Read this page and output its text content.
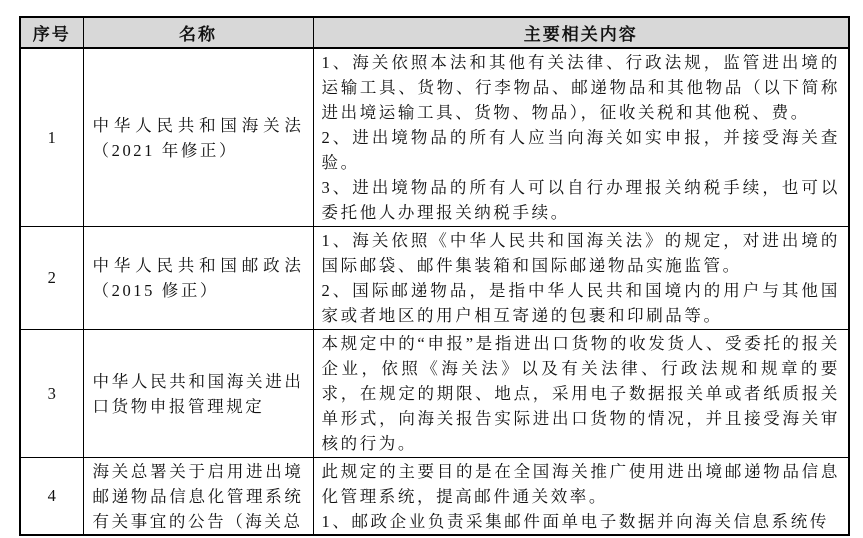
序号	名称	主要相关内容
1	中华人民共和国海关法（2021 年修正）	1、海关依照本法和其他有关法律、行政法规，监管进出境的运输工具、货物、行李物品、邮递物品和其他物品（以下简称进出境运输工具、货物、物品），征收关税和其他税、费。

2、进出境物品的所有人应当向海关如实申报，并接受海关查验。

3、进出境物品的所有人可以自行办理报关纳税手续，也可以委托他人办理报关纳税手续。

2	中华人民共和国邮政法（2015 修正）	1、海关依照《中华人民共和国海关法》的规定，对进出境的国际邮袋、邮件集装箱和国际邮递物品实施监管。

2、国际邮递物品，是指中华人民共和国境内的用户与其他国家或者地区的用户相互寄递的包裹和印刷品等。

3	中华人民共和国海关进出口货物申报管理规定	本规定中的“申报”是指进出口货物的收发货人、受委托的报关企业，依照《海关法》以及有关法律、行政法规和规章的要求，在规定的期限、地点，采用电子数据报关单或者纸质报关单形式，向海关报告实际进出口货物的情况，并且接受海关审核的行为。

4	海关总署关于启用进出境邮递物品信息化管理系统有关事宜的公告（海关总	此规定的主要目的是在全国海关推广使用进出境邮递物品信息化管理系统，提高邮件通关效率。

1、邮政企业负责采集邮件面单电子数据并向海关信息系统传
